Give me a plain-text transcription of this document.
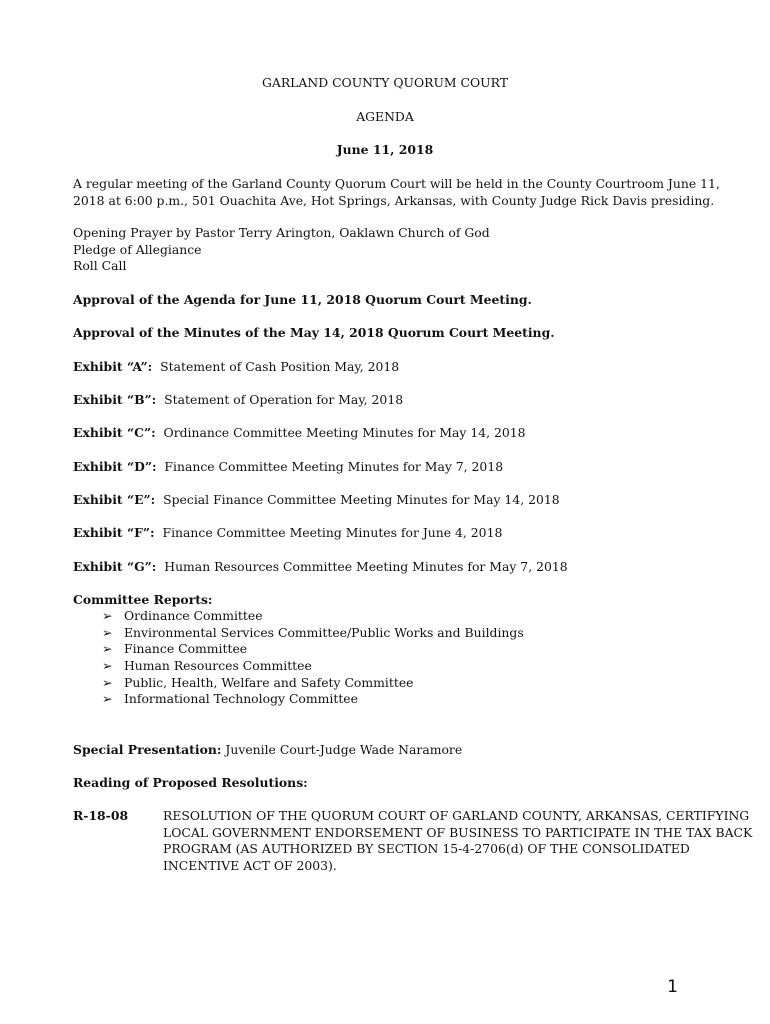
GARLAND COUNTY QUORUM COURT
AGENDA
June 11, 2018
A regular meeting of the Garland County Quorum Court will be held in the County Courtroom June 11,
2018 at 6:00 p.m., 501 Ouachita Ave, Hot Springs, Arkansas, with County Judge Rick Davis presiding.
Opening Prayer by Pastor Terry Arington, Oaklawn Church of God
Pledge of Allegiance
Roll Call
Approval of the Agenda for June 11, 2018 Quorum Court Meeting.
Approval of the Minutes of the May 14, 2018 Quorum Court Meeting.
Exhibit “A”: Statement of Cash Position May, 2018
Exhibit “B”: Statement of Operation for May, 2018
Exhibit “C”: Ordinance Committee Meeting Minutes for May 14, 2018
Exhibit “D”: Finance Committee Meeting Minutes for May 7, 2018
Exhibit “E”: Special Finance Committee Meeting Minutes for May 14, 2018
Exhibit “F”: Finance Committee Meeting Minutes for June 4, 2018
Exhibit “G”: Human Resources Committee Meeting Minutes for May 7, 2018
Committee Reports:
➢ Ordinance Committee
➢ Environmental Services Committee/Public Works and Buildings
➢ Finance Committee
➢ Human Resources Committee
➢ Public, Health, Welfare and Safety Committee
➢ Informational Technology Committee
Special Presentation: Juvenile Court-Judge Wade Naramore
Reading of Proposed Resolutions:
R-18-08	RESOLUTION OF THE QUORUM COURT OF GARLAND COUNTY, ARKANSAS, CERTIFYING
LOCAL GOVERNMENT ENDORSEMENT OF BUSINESS TO PARTICIPATE IN THE TAX BACK
PROGRAM (AS AUTHORIZED BY SECTION 15-4-2706(d) OF THE CONSOLIDATED
INCENTIVE ACT OF 2003).
1
